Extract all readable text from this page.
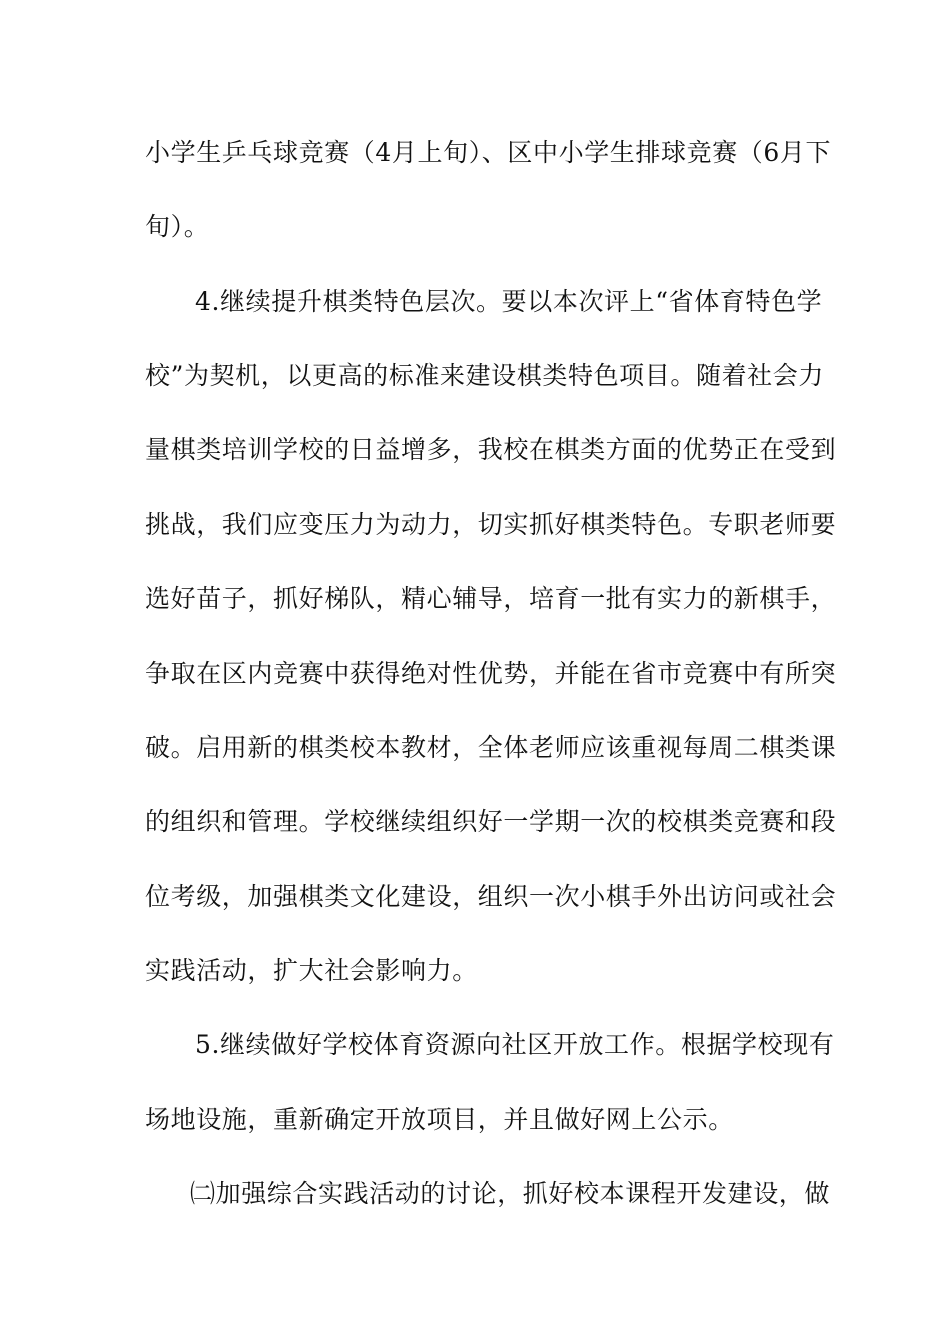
小学生乒乓球竞赛（4月上旬）、区中小学生排球竞赛（6月下
旬）。
4.继续提升棋类特色层次。要以本次评上“省体育特色学
校”为契机，以更高的标准来建设棋类特色项目。随着社会力
量棋类培训学校的日益增多，我校在棋类方面的优势正在受到
挑战，我们应变压力为动力，切实抓好棋类特色。专职老师要
选好苗子，抓好梯队，精心辅导，培育一批有实力的新棋手，
争取在区内竞赛中获得绝对性优势，并能在省市竞赛中有所突
破。启用新的棋类校本教材，全体老师应该重视每周二棋类课
的组织和管理。学校继续组织好一学期一次的校棋类竞赛和段
位考级，加强棋类文化建设，组织一次小棋手外出访问或社会
实践活动，扩大社会影响力。
5.继续做好学校体育资源向社区开放工作。根据学校现有
场地设施，重新确定开放项目，并且做好网上公示。
㈡加强综合实践活动的讨论，抓好校本课程开发建设，做
